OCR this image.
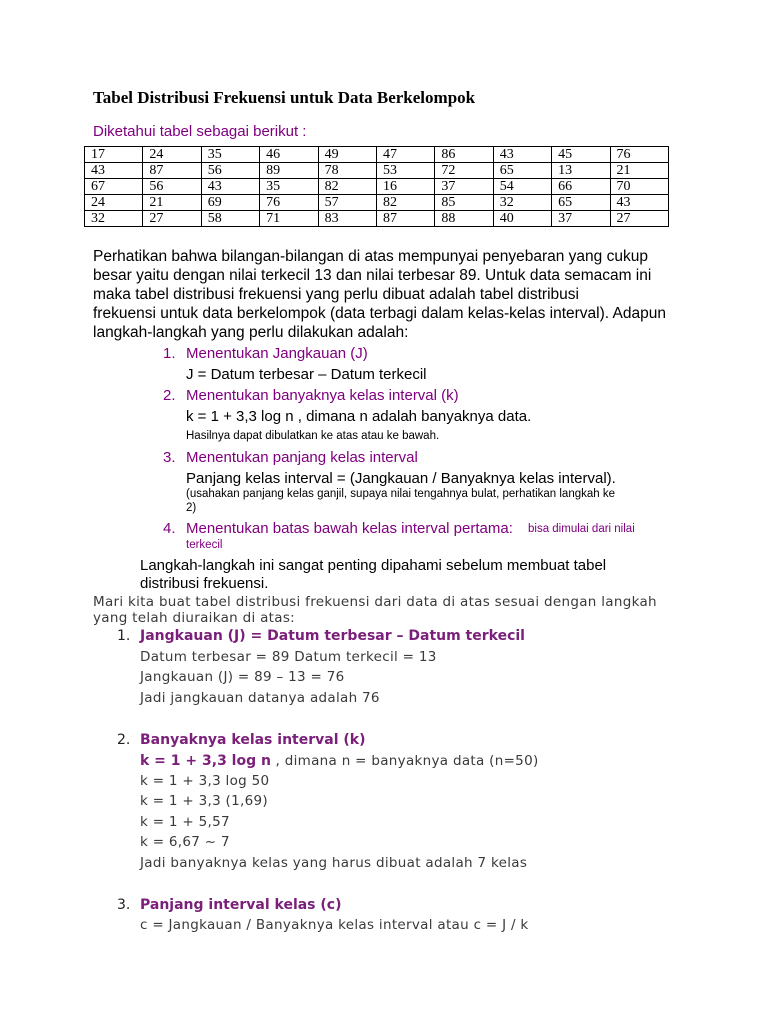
Tabel Distribusi Frekuensi untuk Data Berkelompok
Diketahui tabel sebagai berikut :
17	24	35	46	49	47	86	43	45	76
43	87	56	89	78	53	72	65	13	21
67	56	43	35	82	16	37	54	66	70
24	21	69	76	57	82	85	32	65	43
32	27	58	71	83	87	88	40	37	27
Perhatikan bahwa bilangan-bilangan di atas mempunyai penyebaran yang cukup
besar yaitu dengan nilai terkecil 13 dan nilai terbesar 89. Untuk data semacam ini
maka tabel distribusi frekuensi yang perlu dibuat adalah tabel distribusi
frekuensi untuk data berkelompok (data terbagi dalam kelas-kelas interval). Adapun
langkah-langkah yang perlu dilakukan adalah:
1. Menentukan Jangkauan (J)
J = Datum terbesar – Datum terkecil
2. Menentukan banyaknya kelas interval (k)
k = 1 + 3,3 log n , dimana n adalah banyaknya data.
Hasilnya dapat dibulatkan ke atas atau ke bawah.
3. Menentukan panjang kelas interval
Panjang kelas interval = (Jangkauan / Banyaknya kelas interval).
(usahakan panjang kelas ganjil, supaya nilai tengahnya bulat, perhatikan langkah ke
2)
4. Menentukan batas bawah kelas interval pertama: bisa dimulai dari nilai
terkecil
Langkah-langkah ini sangat penting dipahami sebelum membuat tabel
distribusi frekuensi.
Mari kita buat tabel distribusi frekuensi dari data di atas sesuai dengan langkah
yang telah diuraikan di atas:
1. Jangkauan (J) = Datum terbesar – Datum terkecil
Datum terbesar = 89 Datum terkecil = 13
Jangkauan (J) = 89 – 13 = 76
Jadi jangkauan datanya adalah 76
2. Banyaknya kelas interval (k)
k = 1 + 3,3 log n , dimana n = banyaknya data (n=50)
k = 1 + 3,3 log 50
k = 1 + 3,3 (1,69)
k = 1 + 5,57
k = 6,67 ~ 7
Jadi banyaknya kelas yang harus dibuat adalah 7 kelas
3. Panjang interval kelas (c)
c = Jangkauan / Banyaknya kelas interval atau c = J / k
